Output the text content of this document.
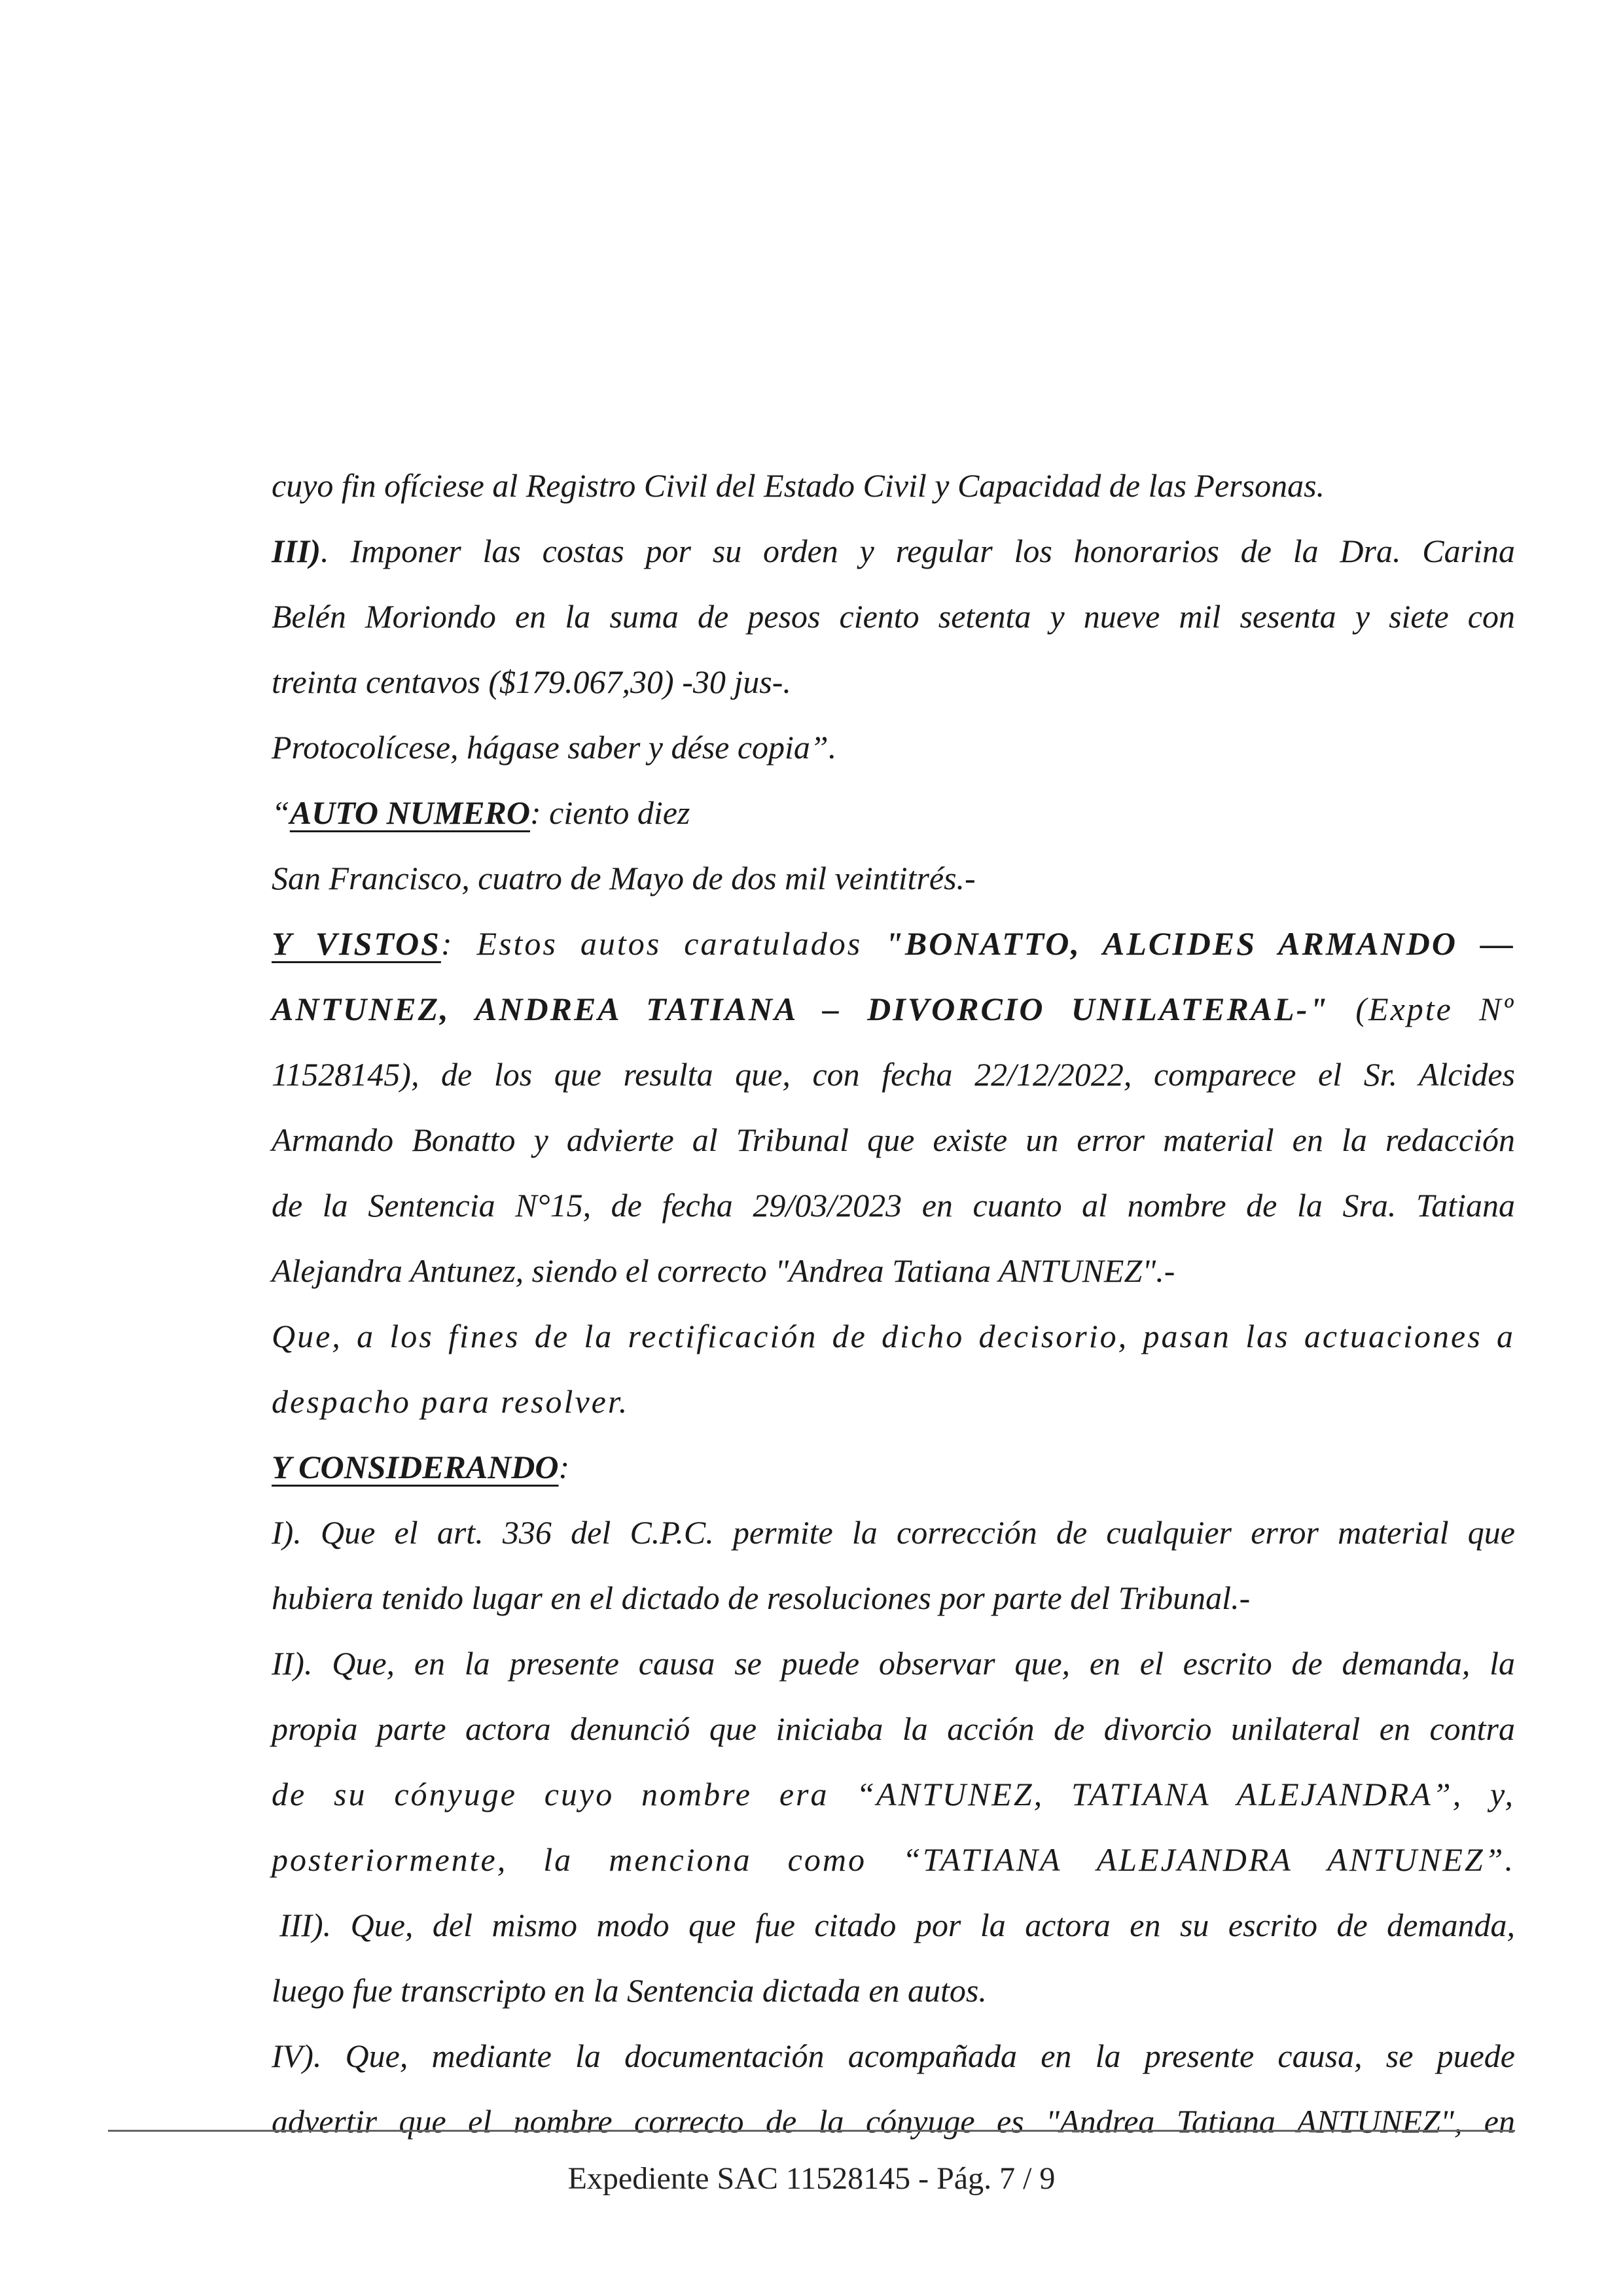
cuyo fin ofíciese al Registro Civil del Estado Civil y Capacidad de las Personas.
III). Imponer las costas por su orden y regular los honorarios de la Dra. Carina
Belén Moriondo en la suma de pesos ciento setenta y nueve mil sesenta y siete con
treinta centavos ($179.067,30) -30 jus-.
Protocolícese, hágase saber y dése copia”.
“AUTO NUMERO: ciento diez
San Francisco, cuatro de Mayo de dos mil veintitrés.-
Y VISTOS: Estos autos caratulados "BONATTO, ALCIDES ARMANDO —
ANTUNEZ, ANDREA TATIANA – DIVORCIO UNILATERAL-" (Expte Nº
11528145), de los que resulta que, con fecha 22/12/2022, comparece el Sr. Alcides
Armando Bonatto y advierte al Tribunal que existe un error material en la redacción
de la Sentencia N°15, de fecha 29/03/2023 en cuanto al nombre de la Sra. Tatiana
Alejandra Antunez, siendo el correcto "Andrea Tatiana ANTUNEZ".-
Que, a los fines de la rectificación de dicho decisorio, pasan las actuaciones a
despacho para resolver.
Y CONSIDERANDO:
I). Que el art. 336 del C.P.C. permite la corrección de cualquier error material que
hubiera tenido lugar en el dictado de resoluciones por parte del Tribunal.-
II). Que, en la presente causa se puede observar que, en el escrito de demanda, la
propia parte actora denunció que iniciaba la acción de divorcio unilateral en contra
de su cónyuge cuyo nombre era “ANTUNEZ, TATIANA ALEJANDRA”, y,
posteriormente, la menciona como “TATIANA ALEJANDRA ANTUNEZ”.
III). Que, del mismo modo que fue citado por la actora en su escrito de demanda,
luego fue transcripto en la Sentencia dictada en autos.
IV). Que, mediante la documentación acompañada en la presente causa, se puede
advertir que el nombre correcto de la cónyuge es "Andrea Tatiana ANTUNEZ", en
Expediente SAC 11528145 - Pág. 7 / 9
